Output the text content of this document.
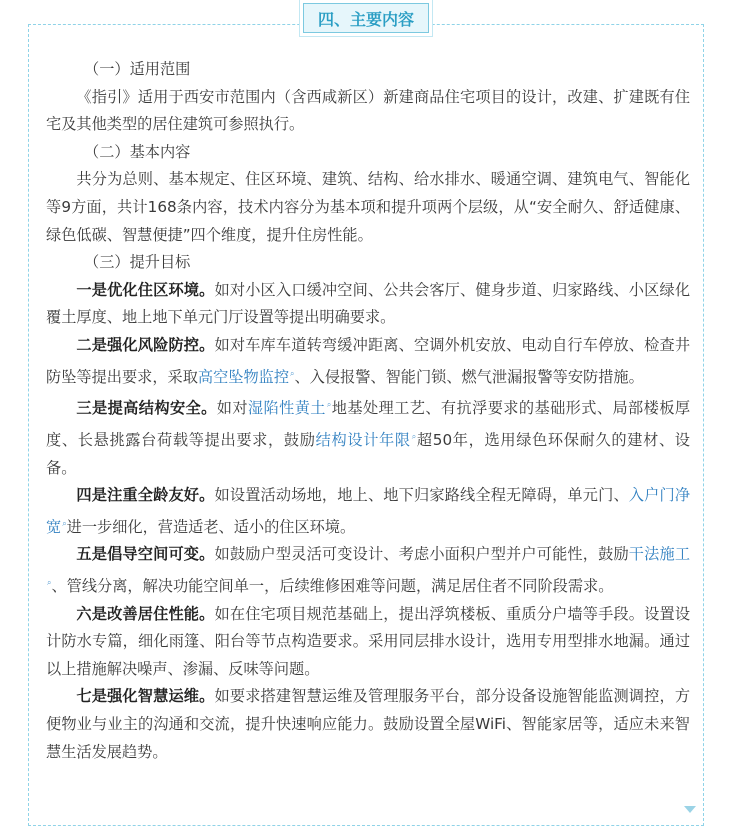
四、主要内容

（一）适用范围

《指引》适用于西安市范围内（含西咸新区）新建商品住宅项目的设计，改建、扩建既有住宅及其他类型的居住建筑可参照执行。

（二）基本内容

共分为总则、基本规定、住区环境、建筑、结构、给水排水、暖通空调、建筑电气、智能化等9方面，共计168条内容，技术内容分为基本项和提升项两个层级，从“安全耐久、舒适健康、绿色低碳、智慧便捷”四个维度，提升住房性能。

（三）提升目标

一是优化住区环境。如对小区入口缓冲空间、公共会客厅、健身步道、归家路线、小区绿化覆土厚度、地上地下单元门厅设置等提出明确要求。

二是强化风险防控。如对车库车道转弯缓冲距离、空调外机安放、电动自行车停放、检查井防坠等提出要求，采取高空坠物监控⌕、入侵报警、智能门锁、燃气泄漏报警等安防措施。

三是提高结构安全。如对湿陷性黄土⌕地基处理工艺、有抗浮要求的基础形式、局部楼板厚度、长悬挑露台荷载等提出要求，鼓励结构设计年限⌕超50年，选用绿色环保耐久的建材、设备。

四是注重全龄友好。如设置活动场地，地上、地下归家路线全程无障碍，单元门、入户门净宽⌕进一步细化，营造适老、适小的住区环境。

五是倡导空间可变。如鼓励户型灵活可变设计、考虑小面积户型并户可能性，鼓励干法施工⌕、管线分离，解决功能空间单一，后续维修困难等问题，满足居住者不同阶段需求。

六是改善居住性能。如在住宅项目规范基础上，提出浮筑楼板、重质分户墙等手段。设置设计防水专篇，细化雨篷、阳台等节点构造要求。采用同层排水设计，选用专用型排水地漏。通过以上措施解决噪声、渗漏、反味等问题。

七是强化智慧运维。如要求搭建智慧运维及管理服务平台，部分设备设施智能监测调控，方便物业与业主的沟通和交流，提升快速响应能力。鼓励设置全屋WiFi、智能家居等，适应未来智慧生活发展趋势。
